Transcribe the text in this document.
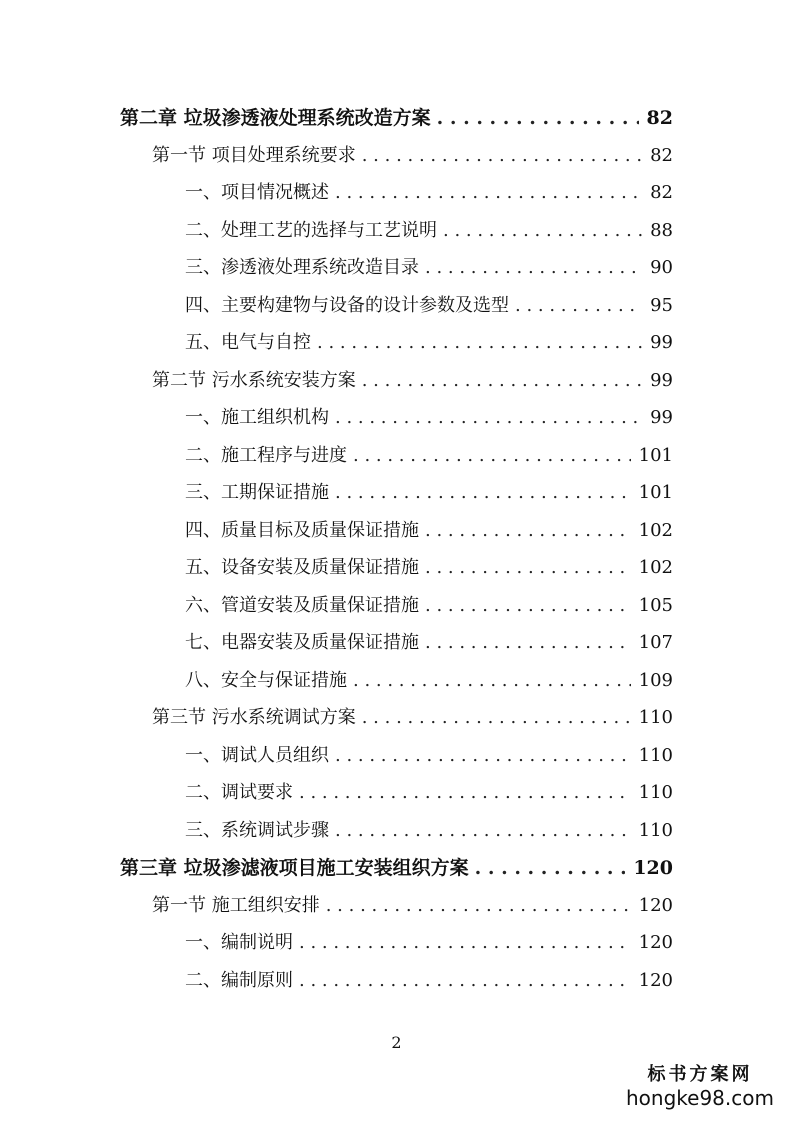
第二章 垃圾渗透液处理系统改造方案 . . .	82
第一节 项目处理系统要求 . . .	82
一、项目情况概述 . . .	82
二、处理工艺的选择与工艺说明 . . .	88
三、渗透液处理系统改造目录 . . .	90
四、主要构建物与设备的设计参数及选型 . . .	95
五、电气与自控 . . .	99
第二节 污水系统安装方案 . . .	99
一、施工组织机构 . . .	99
二、施工程序与进度 . . .	101
三、工期保证措施 . . .	101
四、质量目标及质量保证措施 . . .	102
五、设备安装及质量保证措施 . . .	102
六、管道安装及质量保证措施 . . .	105
七、电器安装及质量保证措施 . . .	107
八、安全与保证措施 . . .	109
第三节 污水系统调试方案 . . .	110
一、调试人员组织 . . .	110
二、调试要求 . . .	110
三、系统调试步骤 . . .	110
第三章 垃圾渗滤液项目施工安装组织方案 . . .	120
第一节 施工组织安排 . . .	120
一、编制说明 . . .	120
二、编制原则 . . .	120
2
标书方案网
hongke98.com
